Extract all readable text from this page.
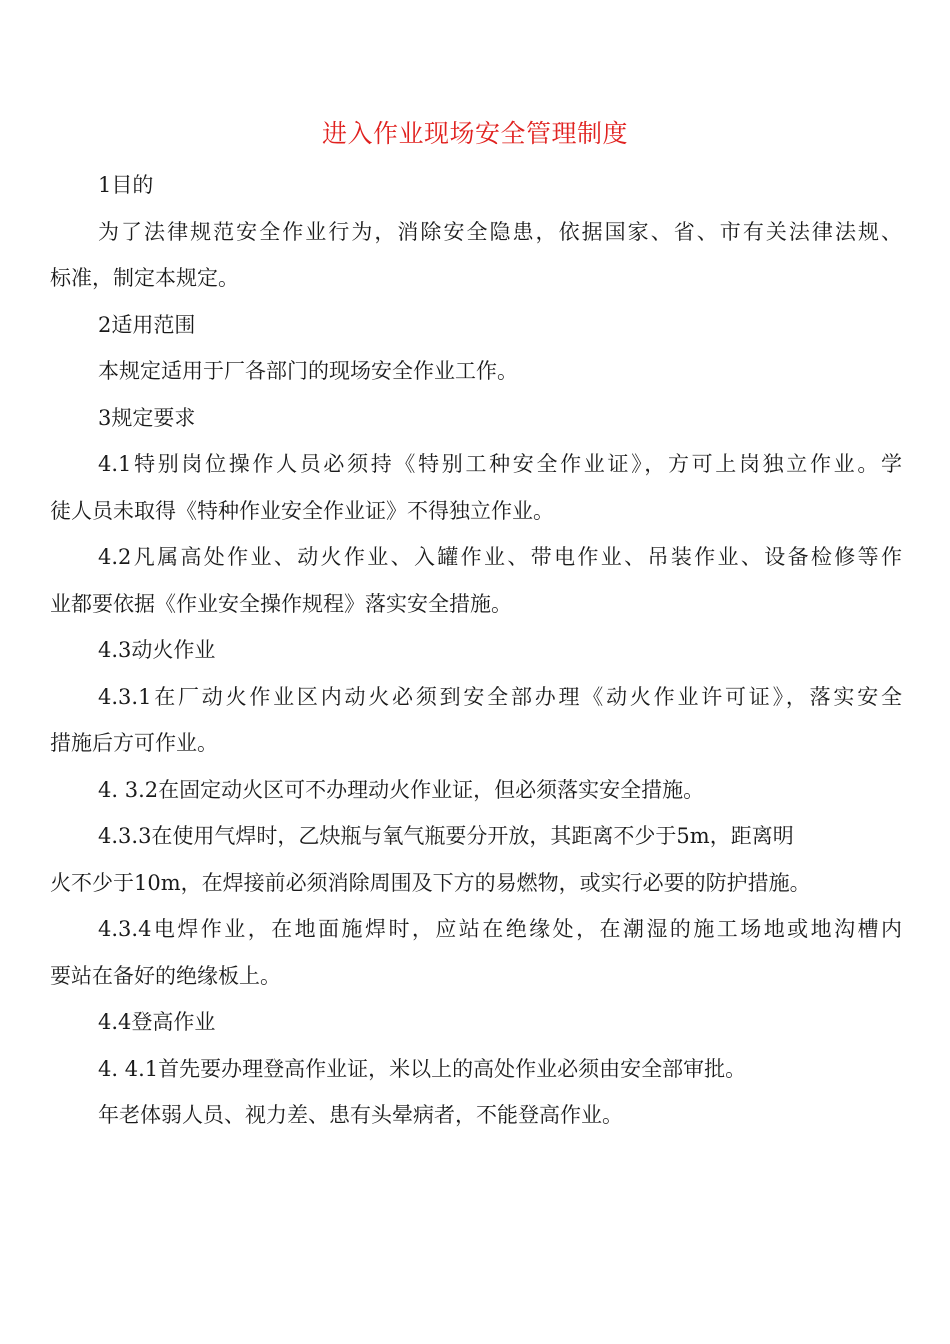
进入作业现场安全管理制度

1目的

为了法律规范安全作业行为，消除安全隐患，依据国家、省、市有关法律法规、

标准，制定本规定。

2适用范围

本规定适用于厂各部门的现场安全作业工作。

3规定要求

4.1特别岗位操作人员必须持《特别工种安全作业证》，方可上岗独立作业。学

徒人员未取得《特种作业安全作业证》不得独立作业。

4.2凡属高处作业、动火作业、入罐作业、带电作业、吊装作业、设备检修等作

业都要依据《作业安全操作规程》落实安全措施。

4.3动火作业

4.3.1在厂动火作业区内动火必须到安全部办理《动火作业许可证》，落实安全

措施后方可作业。

4. 3.2在固定动火区可不办理动火作业证，但必须落实安全措施。

4.3.3在使用气焊时，乙炔瓶与氧气瓶要分开放，其距离不少于5m，距离明

火不少于10m，在焊接前必须消除周围及下方的易燃物，或实行必要的防护措施。

4.3.4电焊作业，在地面施焊时，应站在绝缘处，在潮湿的施工场地或地沟槽内

要站在备好的绝缘板上。

4.4登高作业

4. 4.1首先要办理登高作业证，米以上的高处作业必须由安全部审批。

年老体弱人员、视力差、患有头晕病者，不能登高作业。
